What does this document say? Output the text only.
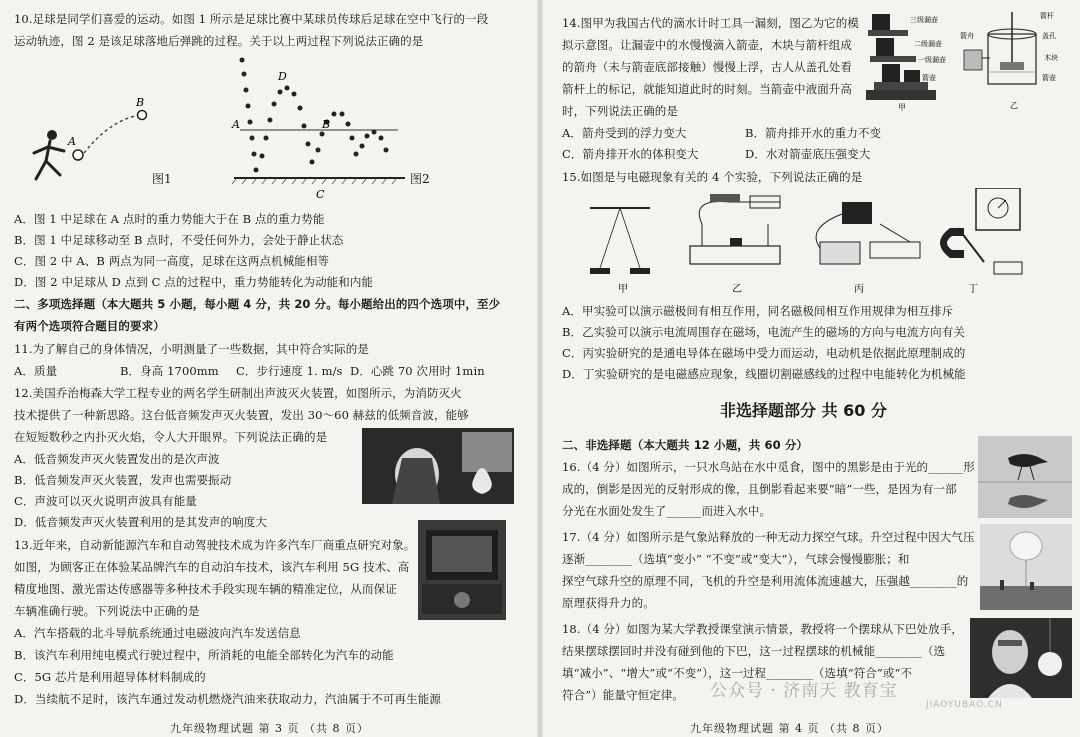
10.足球是同学们喜爱的运动。如图 1 所示是足球比赛中某球员传球后足球在空中飞行的一段
运动轨迹，图 2 是该足球落地后弹跳的过程。关于以上两过程下列说法正确的是
A
B
图1
A	B
C
D
图2
A．图 1 中足球在 A 点时的重力势能大于在 B 点的重力势能
B．图 1 中足球移动至 B 点时，不受任何外力，会处于静止状态
C．图 2 中 A、B 两点为同一高度，足球在这两点机械能相等
D．图 2 中足球从 D 点到 C 点的过程中，重力势能转化为动能和内能
二、多项选择题（本大题共 5 小题，每小题 4 分，共 20 分。每小题给出的四个选项中，至少
有两个选项符合题目的要求）
11.为了解自己的身体情况，小明测量了一些数据，其中符合实际的是
A．质量	B．身高 1700mm C．步行速度 1. m/s D．心跳 70 次用时 1min
12.美国乔治梅森大学工程专业的两名学生研制出声波灭火装置，如图所示，为消防灭火
技术提供了一种新思路。这台低音频发声灭火装置，发出 30～60 赫兹的低频音波，能够
在短短数秒之内扑灭火焰，令人大开眼界。下列说法正确的是
A．低音频发声灭火装置发出的是次声波
B．低音频发声灭火装置，发声也需要振动
C．声波可以灭火说明声波具有能量
D．低音频发声灭火装置利用的是其发声的响度大
13.近年来，自动新能源汽车和自动驾驶技术成为许多汽车厂商重点研究对象。
如图，为顾客正在体验某品牌汽车的自动泊车技术，该汽车利用 5G 技术、高
精度地图、激光雷达传感器等多种技术手段实现车辆的精准定位，从而保证
车辆准确行驶。下列说法中正确的是
A．汽车搭载的北斗导航系统通过电磁波向汽车发送信息
B．该汽车利用纯电模式行驶过程中，所消耗的电能全部转化为汽车的动能
C．5G 芯片是利用超导体材料制成的
D．当续航不足时，该汽车通过发动机燃烧汽油来获取动力，汽油属于不可再生能源
九年级物理试题 第 3 页 （共 8 页）
14.图甲为我国古代的滴水计时工具一漏刻，图乙为它的模
拟示意图。让漏壶中的水慢慢滴入箭壶，木块与箭杆组成
的箭舟（未与箭壶底部接触）慢慢上浮，古人从盖孔处看
箭杆上的标记，就能知道此时的时刻。当箭壶中液面升高
时，下列说法正确的是
三级漏壶
二级漏壶
一级漏壶
箭壶
甲
箭杆
盖孔
木块
箭舟
箭壶
乙
A．箭舟受到的浮力变大	B．箭舟排开水的重力不变
C．箭舟排开水的体积变大	D．水对箭壶底压强变大
15.如图是与电磁现象有关的 4 个实验，下列说法正确的是
甲	乙	丙	丁
A．甲实验可以演示磁极间有相互作用，同名磁极间相互作用规律为相互排斥
B．乙实验可以演示电流周围存在磁场，电流产生的磁场的方向与电流方向有关
C．丙实验研究的是通电导体在磁场中受力而运动，电动机是依据此原理制成的
D．丁实验研究的是电磁感应现象，线圈切割磁感线的过程中电能转化为机械能
非选择题部分 共 60 分
二、非选择题（本大题共 12 小题，共 60 分）
16.（4 分）如图所示，一只水鸟站在水中觅食，图中的黑影是由于光的______形
成的，倒影是因光的反射形成的像，且倒影看起来要“暗”一些，是因为有一部
分光在水面处发生了______而进入水中。
17.（4 分）如图所示是气象站释放的一种无动力探空气球。升空过程中因大气压
逐渐________（选填“变小” “不变”或“变大”），气球会慢慢膨胀；和
探空气球升空的原理不同，飞机的升空是利用流体流速越大，压强越________的
原理获得升力的。
18.（4 分）如图为某大学教授课堂演示情景，教授将一个摆球从下巴处放手，
结果摆球摆回时并没有碰到他的下巴，这一过程摆球的机械能________（选
填“减小”、“增大”或“不变”），这一过程________（选填“符合”或“不
符合”）能量守恒定律。 公众号 · 济南天 教育宝
JIAOYUBAO.CN
九年级物理试题 第 4 页 （共 8 页）
